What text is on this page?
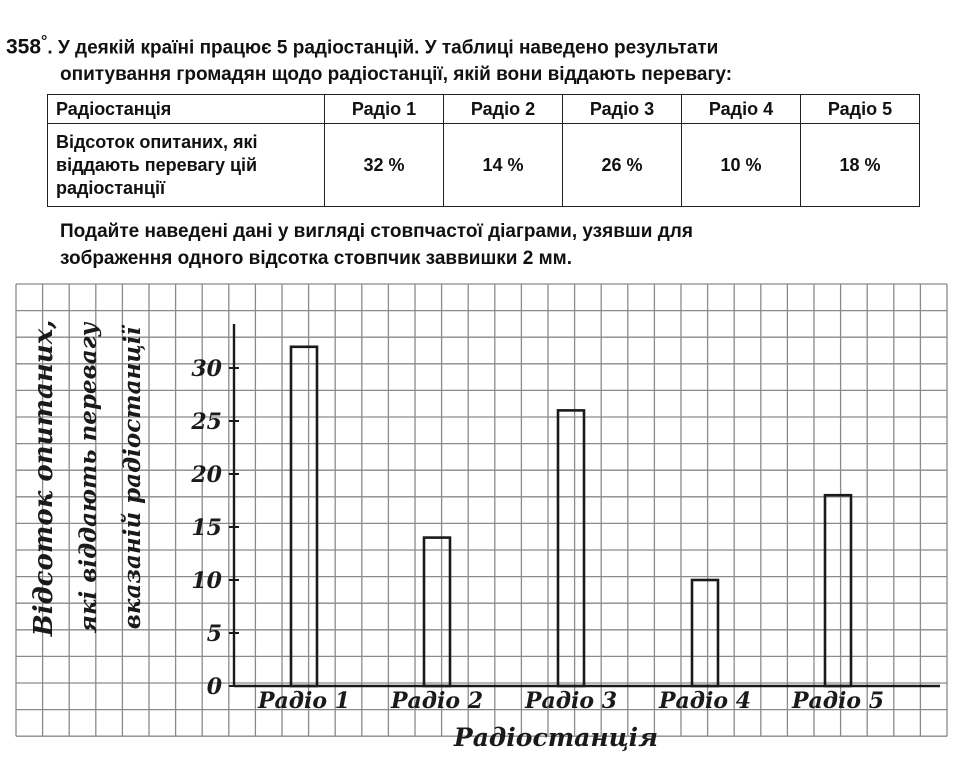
358°. У деякій країні працює 5 радіостанцій. У таблиці наведено результати
опитування громадян щодо радіостанції, якій вони віддають перевагу:
Радіостанція	Радіо 1	Радіо 2	Радіо 3	Радіо 4	Радіо 5
Відсоток опитаних, які віддають перевагу цій радіостанції	32 %	14 %	26 %	10 %	18 %
Подайте наведені дані у вигляді стовпчастої діаграми, узявши для
зображення одного відсотка стовпчик заввишки 2 мм.
0
5
10
15
20
25
30
Радіо 1 Радіо 2 Радіо 3 Радіо 4 Радіо 5
Відсоток опитаних, які віддають перевагу вказаній радіостанції
Радіостанція
